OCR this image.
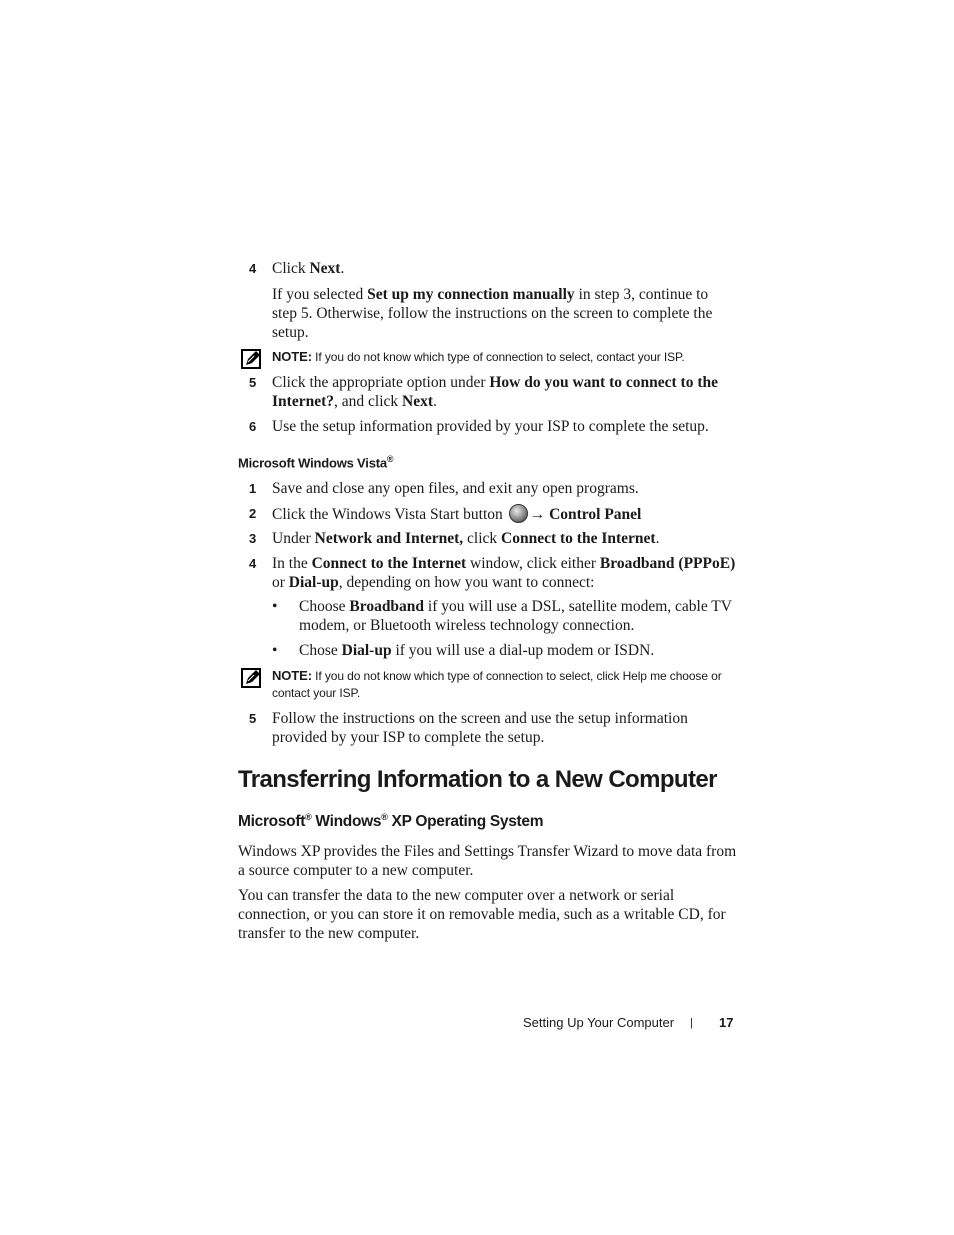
4 Click Next.
If you selected Set up my connection manually in step 3, continue to step 5. Otherwise, follow the instructions on the screen to complete the setup.
NOTE: If you do not know which type of connection to select, contact your ISP.
5 Click the appropriate option under How do you want to connect to the Internet?, and click Next.
6 Use the setup information provided by your ISP to complete the setup.
Microsoft Windows Vista®
1 Save and close any open files, and exit any open programs.
2 Click the Windows Vista Start button → Control Panel
3 Under Network and Internet, click Connect to the Internet.
4 In the Connect to the Internet window, click either Broadband (PPPoE) or Dial-up, depending on how you want to connect:
• Choose Broadband if you will use a DSL, satellite modem, cable TV modem, or Bluetooth wireless technology connection.
• Chose Dial-up if you will use a dial-up modem or ISDN.
NOTE: If you do not know which type of connection to select, click Help me choose or contact your ISP.
5 Follow the instructions on the screen and use the setup information provided by your ISP to complete the setup.
Transferring Information to a New Computer
Microsoft® Windows® XP Operating System
Windows XP provides the Files and Settings Transfer Wizard to move data from a source computer to a new computer.
You can transfer the data to the new computer over a network or serial connection, or you can store it on removable media, such as a writable CD, for transfer to the new computer.
Setting Up Your Computer | 17
